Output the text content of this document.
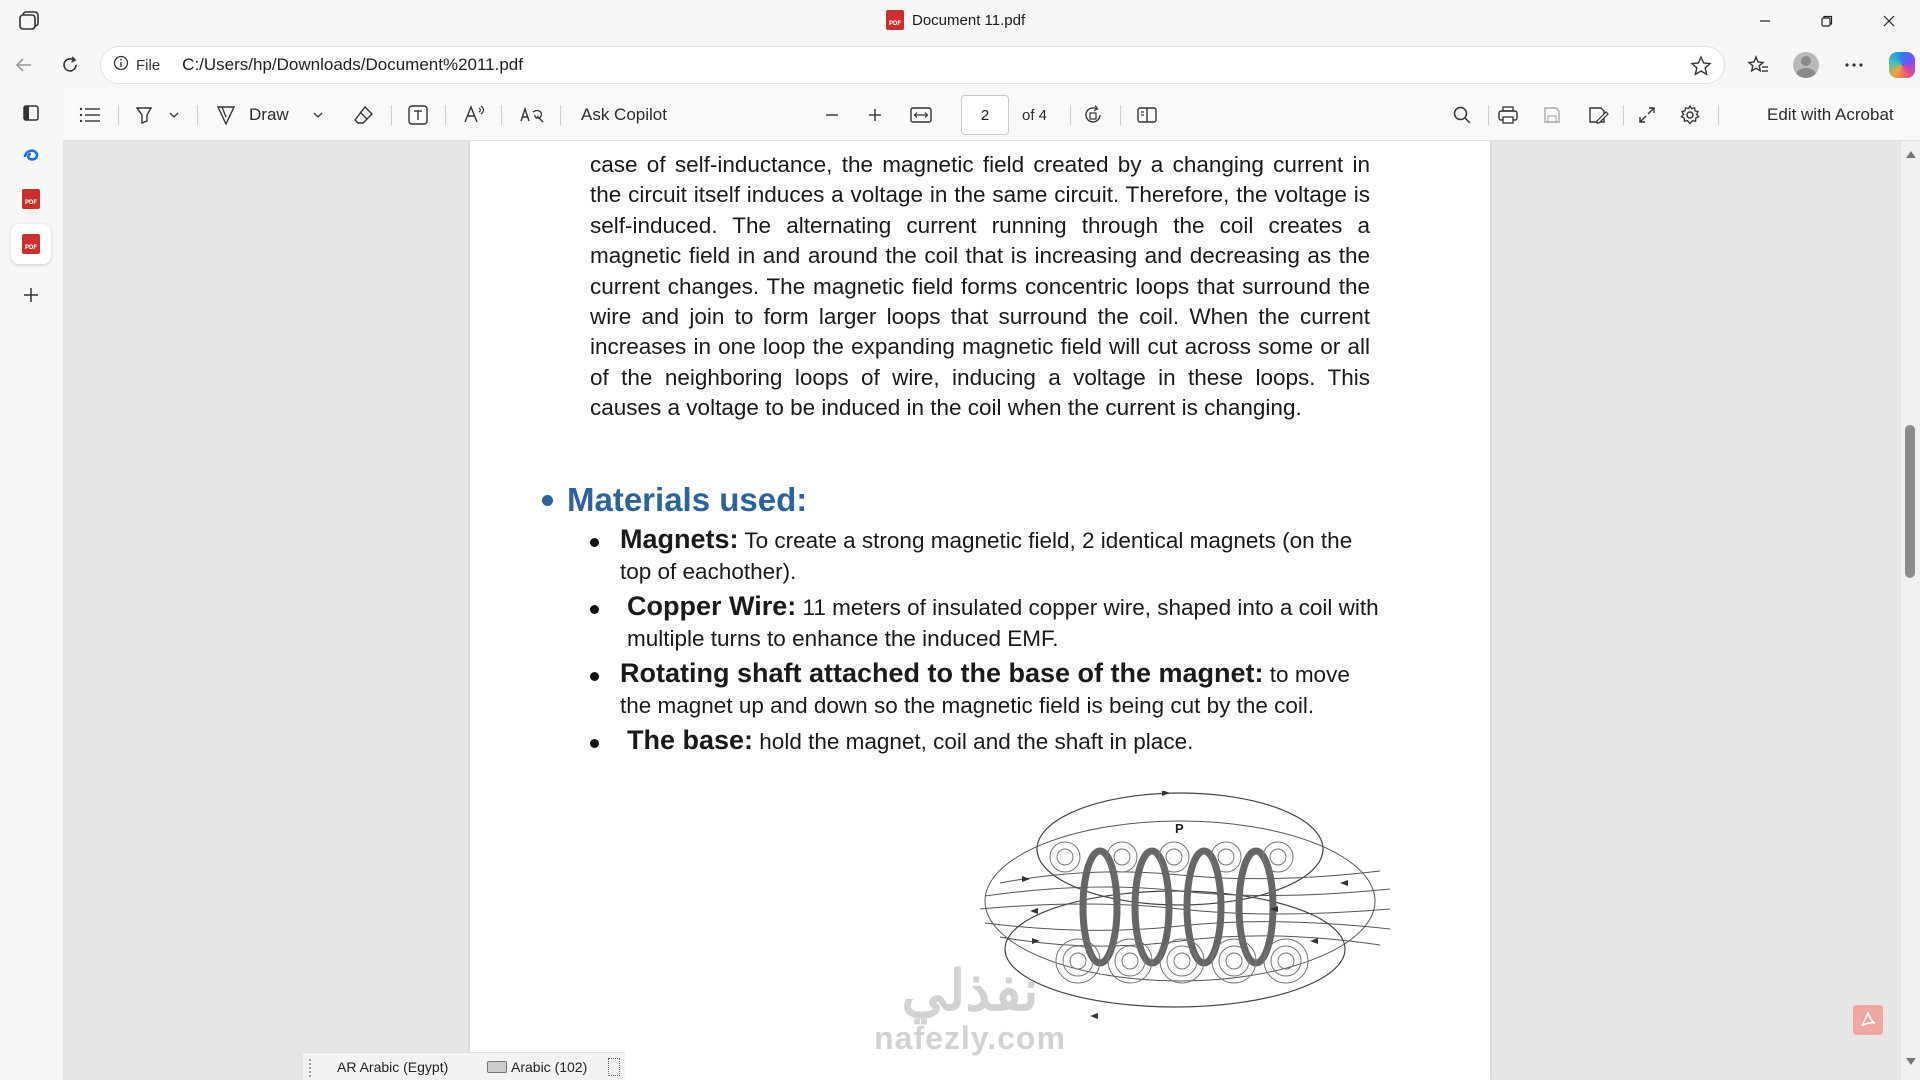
PDF Document 11.pdf
File C:/Users/hp/Downloads/Document%2011.pdf
PDF
PDF
Draw	Ask Copilot	2	of 4	Edit with Acrobat

case of self-inductance, the magnetic field created by a changing current in the circuit itself induces a voltage in the same circuit. Therefore, the voltage is self-induced. The alternating current running through the coil creates a magnetic field in and around the coil that is increasing and decreasing as the current changes. The magnetic field forms concentric loops that surround the wire and join to form larger loops that surround the coil. When the current increases in one loop the expanding magnetic field will cut across some or all of the neighboring loops of wire, inducing a voltage in these loops. This causes a voltage to be induced in the coil when the current is changing.

Materials used:
Magnets: To create a strong magnetic field, 2 identical magnets (on the top of eachother).
Copper Wire: 11 meters of insulated copper wire, shaped into a coil with multiple turns to enhance the induced EMF.
Rotating shaft attached to the base of the magnet: to move the magnet up and down so the magnetic field is being cut by the coil.
The base: hold the magnet, coil and the shaft in place.
P
نفذلي
nafezly.com
AR Arabic (Egypt)	Arabic (102)
